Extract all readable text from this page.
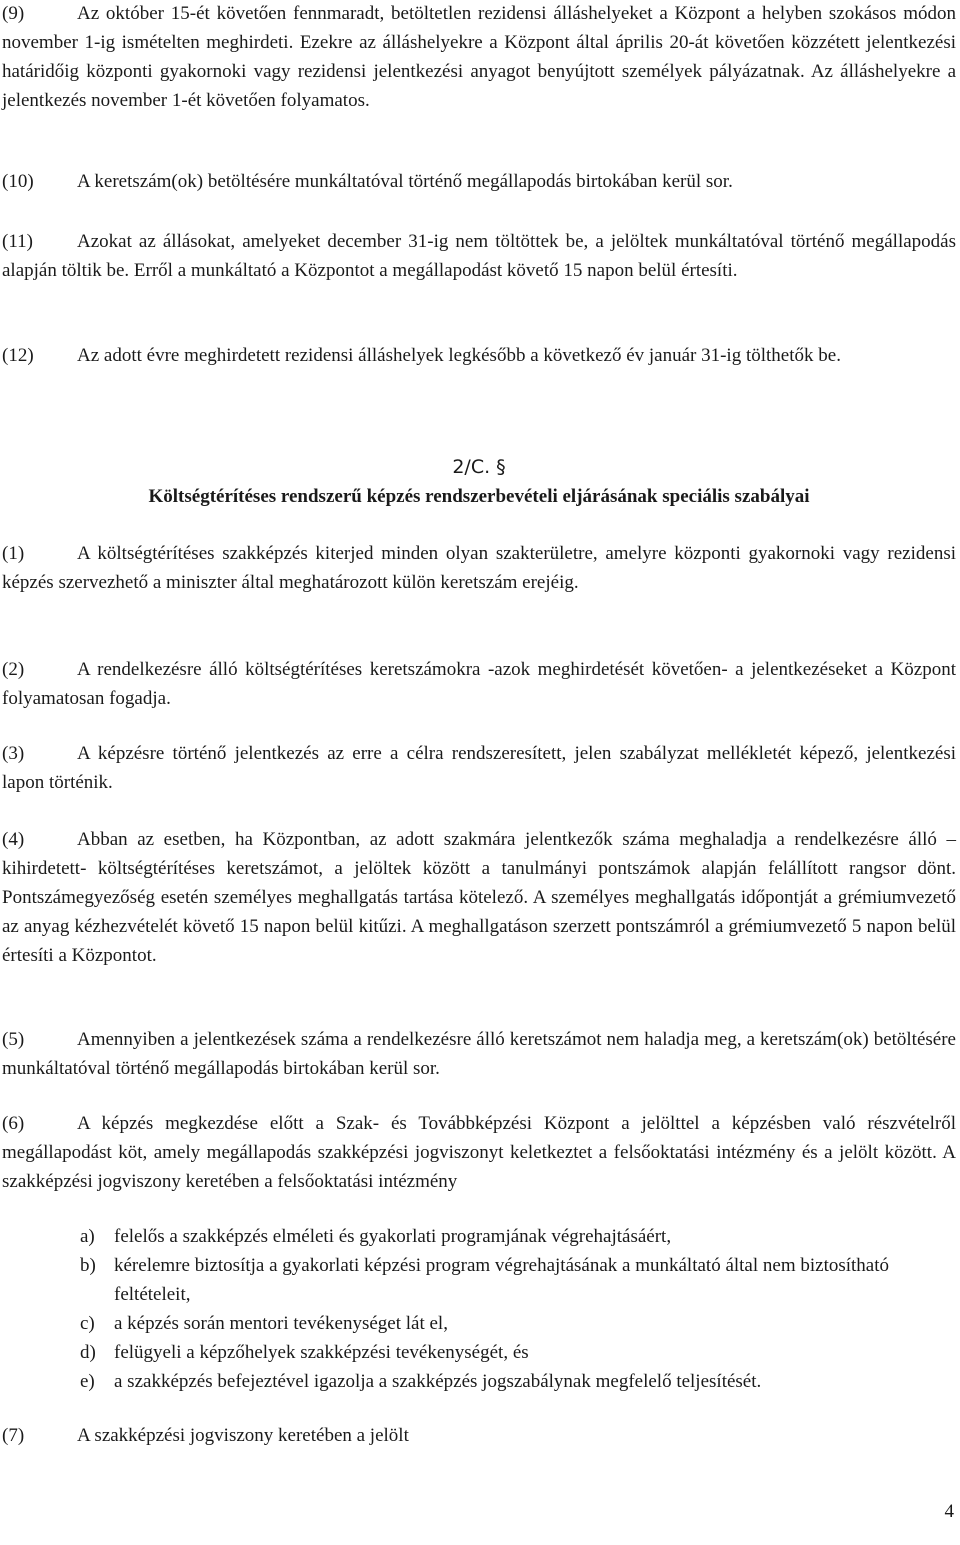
(9)	Az október 15-ét követően fennmaradt, betöltetlen rezidensi álláshelyeket a Központ a helyben szokásos módon november 1-ig ismételten meghirdeti. Ezekre az álláshelyekre a Központ által április 20-át követően közzétett jelentkezési határidőig központi gyakornoki vagy rezidensi jelentkezési anyagot benyújtott személyek pályázatnak. Az álláshelyekre a jelentkezés november 1-ét követően folyamatos.

(10) A keretszám(ok) betöltésére munkáltatóval történő megállapodás birtokában kerül sor.

(11) Azokat az állásokat, amelyeket december 31-ig nem töltöttek be, a jelöltek munkáltatóval történő megállapodás alapján töltik be. Erről a munkáltató a Központot a megállapodást követő 15 napon belül értesíti.

(12) Az adott évre meghirdetett rezidensi álláshelyek legkésőbb a következő év január 31-ig tölthetők be.

2/C. §
Költségtérítéses rendszerű képzés rendszerbevételi eljárásának speciális szabályai

(1)	A költségtérítéses szakképzés kiterjed minden olyan szakterületre, amelyre központi gyakornoki vagy rezidensi képzés szervezhető a miniszter által meghatározott külön keretszám erejéig.

(2)	A rendelkezésre álló költségtérítéses keretszámokra -azok meghirdetését követően- a jelentkezéseket a Központ folyamatosan fogadja.

(3)	A képzésre történő jelentkezés az erre a célra rendszeresített, jelen szabályzat mellékletét képező, jelentkezési lapon történik.

(4)	Abban az esetben, ha Központban, az adott szakmára jelentkezők száma meghaladja a rendelkezésre álló –kihirdetett- költségtérítéses keretszámot, a jelöltek között a tanulmányi pontszámok alapján felállított rangsor dönt. Pontszámegyezőség esetén személyes meghallgatás tartása kötelező. A személyes meghallgatás időpontját a grémiumvezető az anyag kézhezvételét követő 15 napon belül kitűzi. A meghallgatáson szerzett pontszámról a grémiumvezető 5 napon belül értesíti a Központot.

(5)	Amennyiben a jelentkezések száma a rendelkezésre álló keretszámot nem haladja meg, a keretszám(ok) betöltésére munkáltatóval történő megállapodás birtokában kerül sor.

(6)	A képzés megkezdése előtt a Szak- és Továbbképzési Központ a jelölttel a képzésben való részvételről megállapodást köt, amely megállapodás szakképzési jogviszonyt keletkeztet a felsőoktatási intézmény és a jelölt között. A szakképzési jogviszony keretében a felsőoktatási intézmény

a)	felelős a szakképzés elméleti és gyakorlati programjának végrehajtásáért,
b) kérelemre biztosítja a gyakorlati képzési program végrehajtásának a munkáltató által nem biztosítható feltételeit,
c)	a képzés során mentori tevékenységet lát el,
d) felügyeli a képzőhelyek szakképzési tevékenységét, és
e)	a szakképzés befejeztével igazolja a szakképzés jogszabálynak megfelelő teljesítését.

(7)	A szakképzési jogviszony keretében a jelölt

4
